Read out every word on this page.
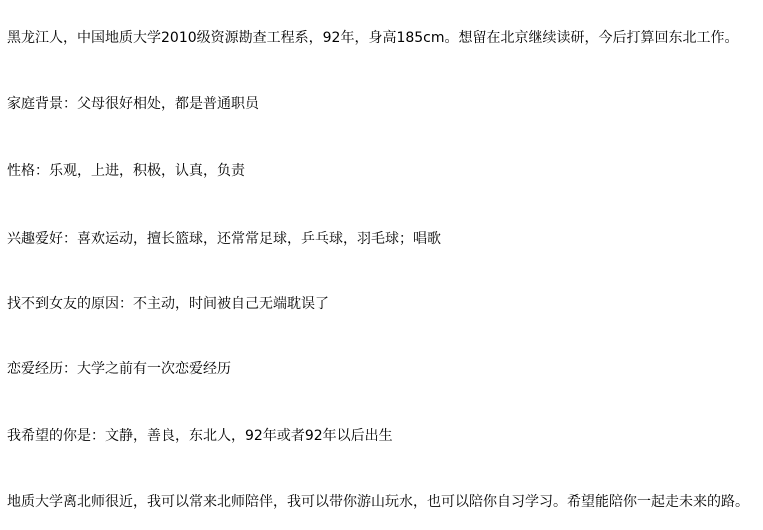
黑龙江人，中国地质大学2010级资源勘查工程系，92年，身高185cm。想留在北京继续读研，今后打算回东北工作。

家庭背景：父母很好相处，都是普通职员

性格：乐观，上进，积极，认真，负责

兴趣爱好：喜欢运动，擅长篮球，还常常足球，乒乓球，羽毛球；唱歌

找不到女友的原因：不主动，时间被自己无端耽误了

恋爱经历：大学之前有一次恋爱经历

我希望的你是：文静，善良，东北人，92年或者92年以后出生

地质大学离北师很近，我可以常来北师陪伴，我可以带你游山玩水，也可以陪你自习学习。希望能陪你一起走未来的路。
